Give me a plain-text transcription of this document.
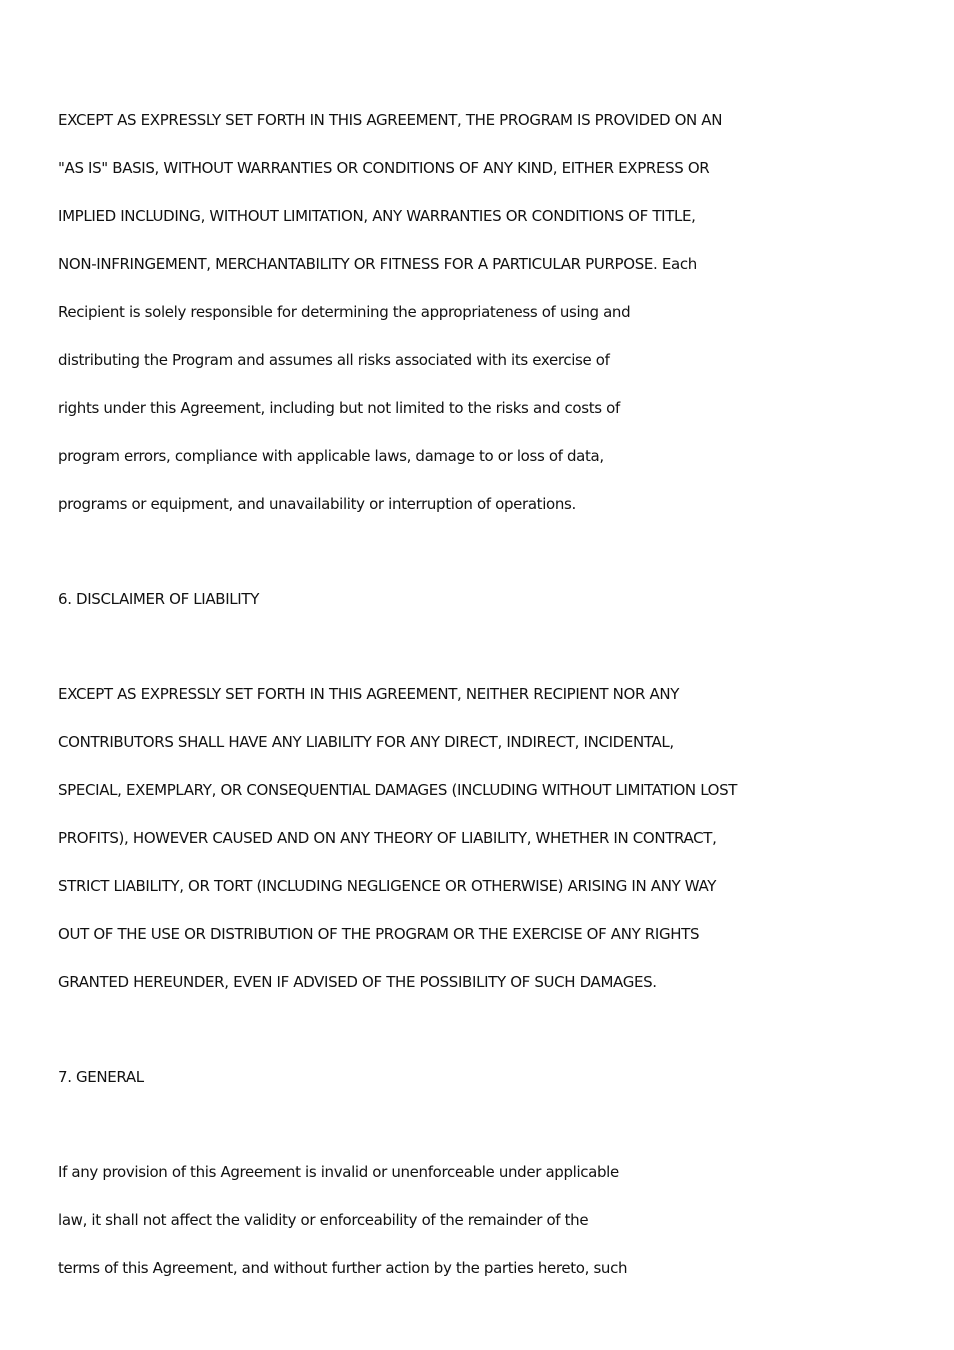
EXCEPT AS EXPRESSLY SET FORTH IN THIS AGREEMENT, THE PROGRAM IS PROVIDED ON AN
"AS IS" BASIS, WITHOUT WARRANTIES OR CONDITIONS OF ANY KIND, EITHER EXPRESS OR
IMPLIED INCLUDING, WITHOUT LIMITATION, ANY WARRANTIES OR CONDITIONS OF TITLE,
NON-INFRINGEMENT, MERCHANTABILITY OR FITNESS FOR A PARTICULAR PURPOSE. Each
Recipient is solely responsible for determining the appropriateness of using and
distributing the Program and assumes all risks associated with its exercise of
rights under this Agreement, including but not limited to the risks and costs of
program errors, compliance with applicable laws, damage to or loss of data,
programs or equipment, and unavailability or interruption of operations.
6. DISCLAIMER OF LIABILITY
EXCEPT AS EXPRESSLY SET FORTH IN THIS AGREEMENT, NEITHER RECIPIENT NOR ANY
CONTRIBUTORS SHALL HAVE ANY LIABILITY FOR ANY DIRECT, INDIRECT, INCIDENTAL,
SPECIAL, EXEMPLARY, OR CONSEQUENTIAL DAMAGES (INCLUDING WITHOUT LIMITATION LOST
PROFITS), HOWEVER CAUSED AND ON ANY THEORY OF LIABILITY, WHETHER IN CONTRACT,
STRICT LIABILITY, OR TORT (INCLUDING NEGLIGENCE OR OTHERWISE) ARISING IN ANY WAY
OUT OF THE USE OR DISTRIBUTION OF THE PROGRAM OR THE EXERCISE OF ANY RIGHTS
GRANTED HEREUNDER, EVEN IF ADVISED OF THE POSSIBILITY OF SUCH DAMAGES.
7. GENERAL
If any provision of this Agreement is invalid or unenforceable under applicable
law, it shall not affect the validity or enforceability of the remainder of the
terms of this Agreement, and without further action by the parties hereto, such
